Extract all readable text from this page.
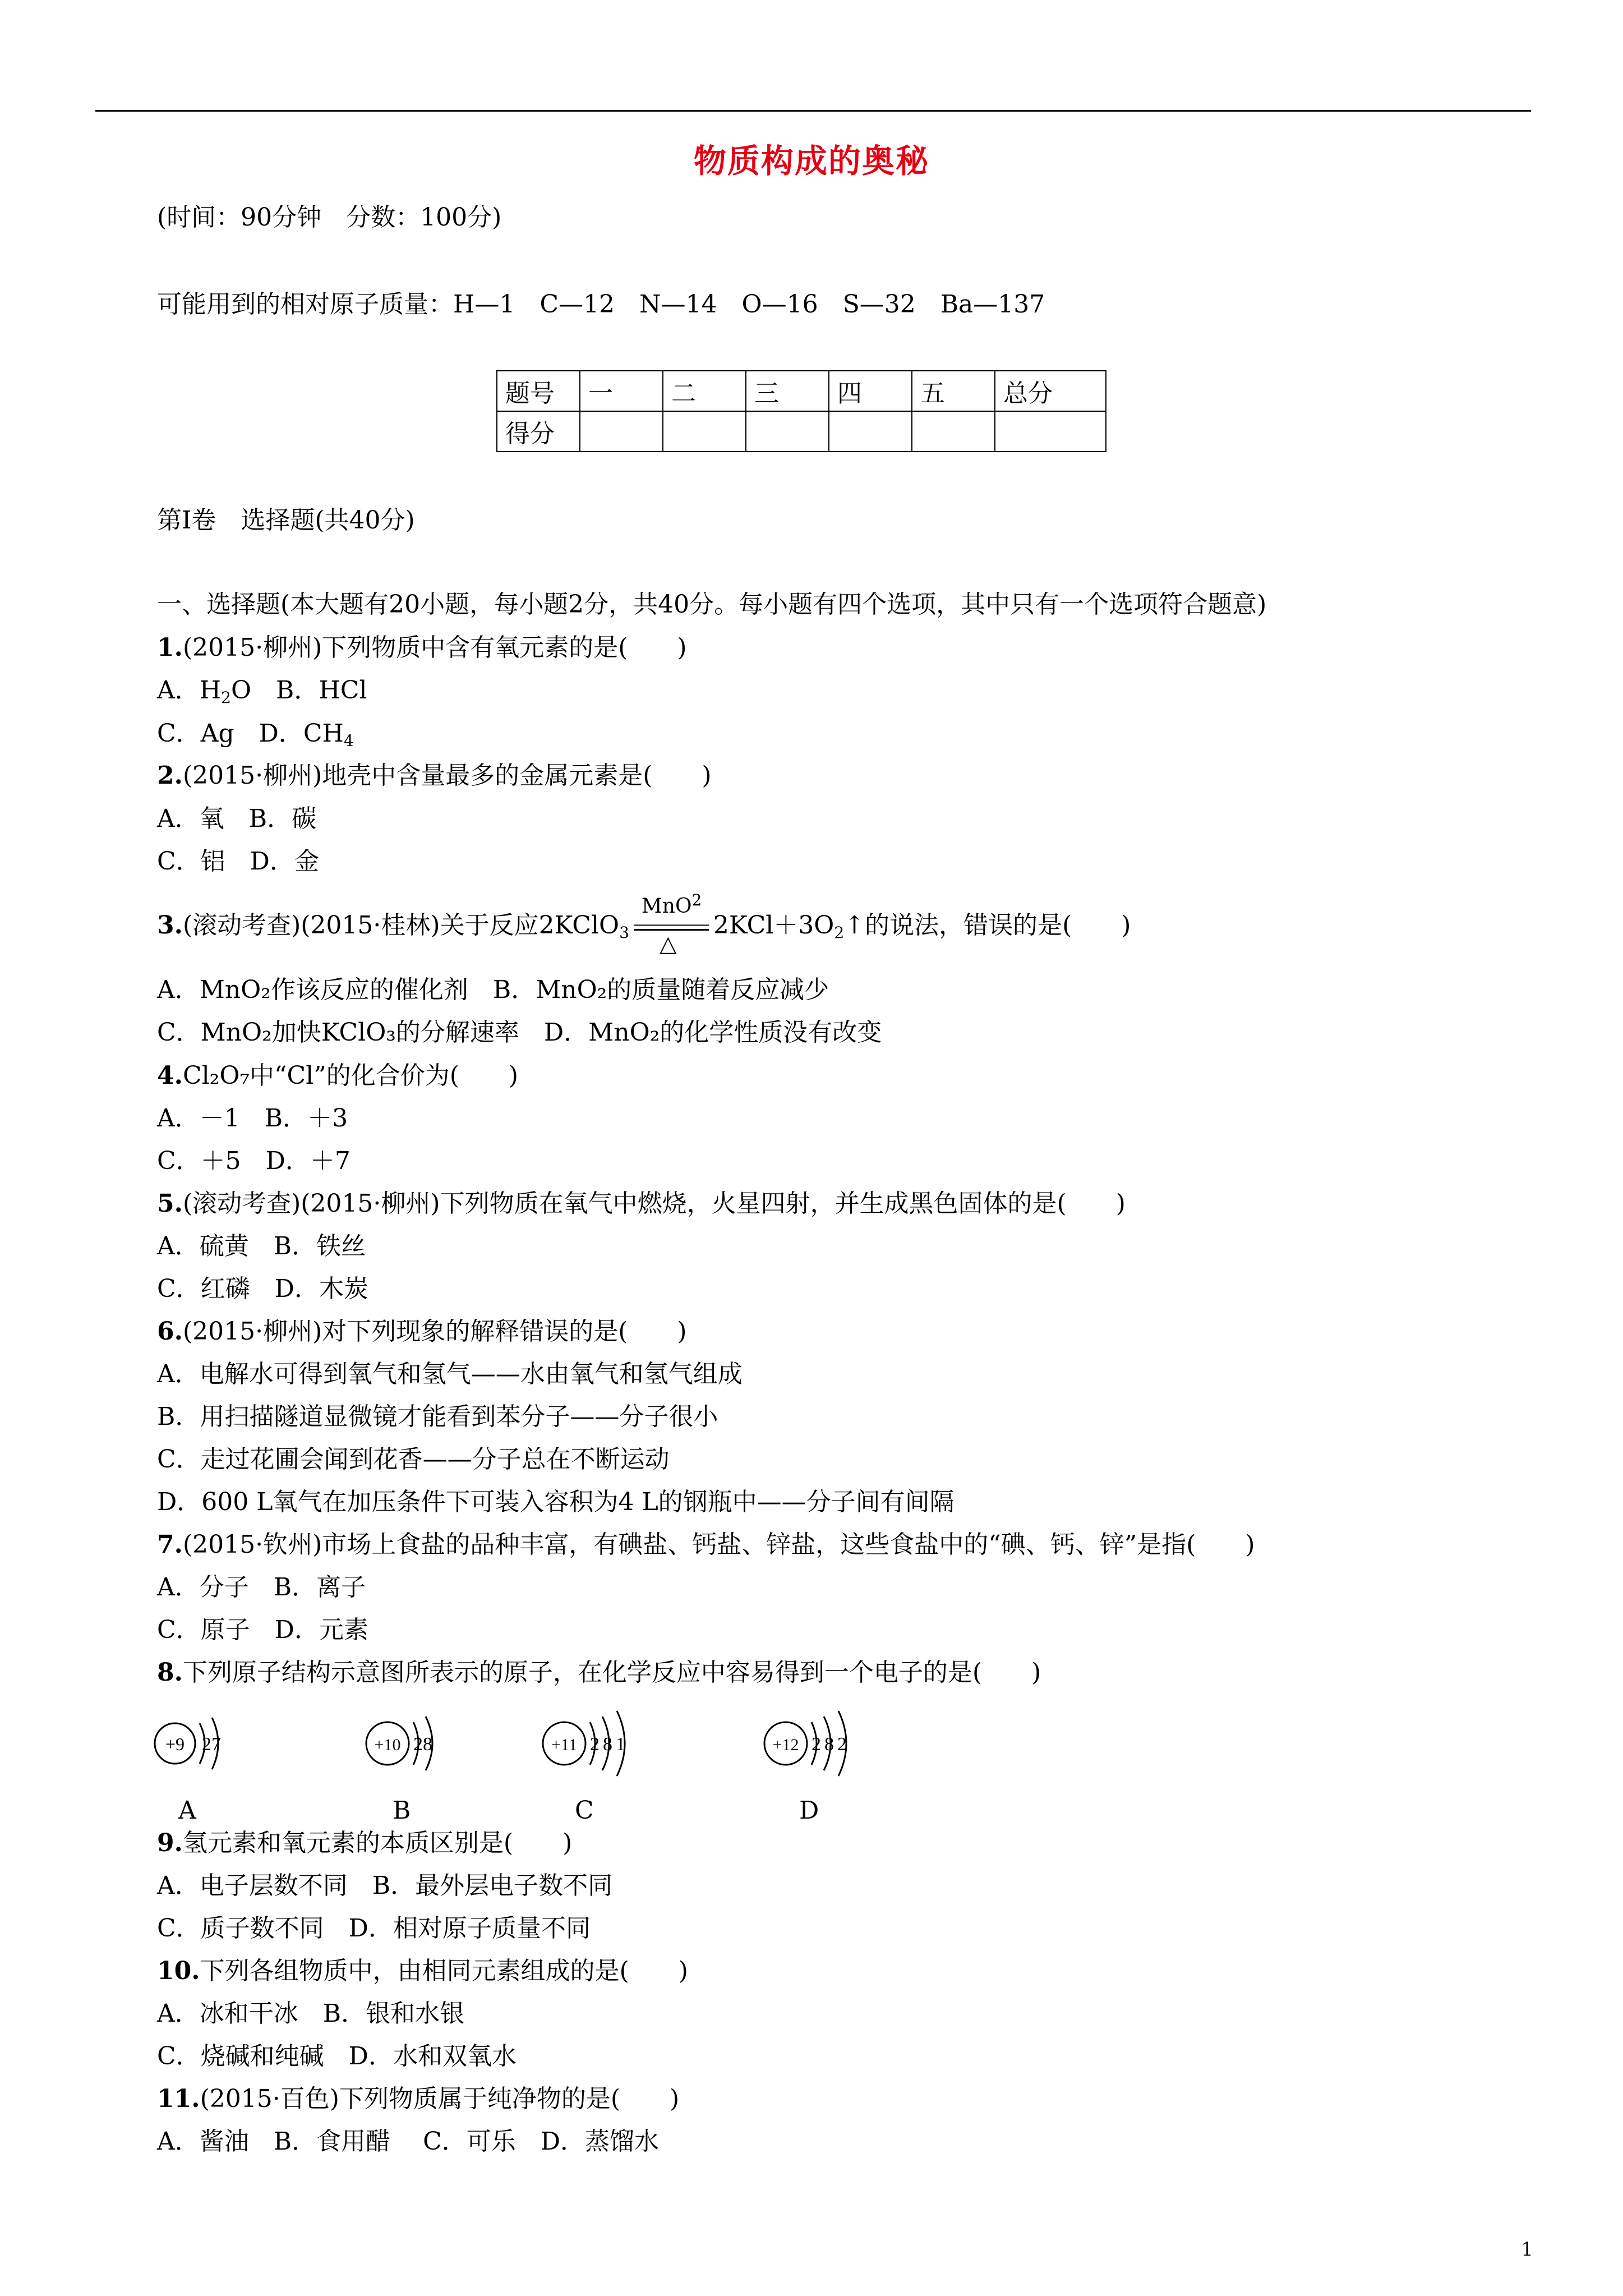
物质构成的奥秘
(时间：90分钟　分数：100分)
可能用到的相对原子质量：H—1　C—12　N—14　O—16　S—32　Ba—137
题号	一	二	三	四	五	总分
得分						
第Ⅰ卷　选择题(共40分)
一、选择题(本大题有20小题，每小题2分，共40分。每小题有四个选项，其中只有一个选项符合题意)
1.(2015·柳州)下列物质中含有氧元素的是(　　)
A．$H_2O$　B．HCl
C．Ag　D．$CH_4$
2.(2015·柳州)地壳中含量最多的金属元素是(　　)
A．氧　B．碳
C．铝　D．金
3.(滚动考查)(2015·桂林)关于反应2KClO$_3$
MnO$^2$
△
$2KCl+3O_2↑$的说法，错误的是(　　)
A．MnO₂作该反应的催化剂　B．MnO₂的质量随着反应减少
C．MnO₂加快KClO₃的分解速率　D．MnO₂的化学性质没有改变
4.Cl₂O₇中“Cl”的化合价为(　　)
A．－1　B．＋3
C．＋5　D．＋7
5.(滚动考查)(2015·柳州)下列物质在氧气中燃烧，火星四射，并生成黑色固体的是(　　)
A．硫黄　B．铁丝
C．红磷　D．木炭
6.(2015·柳州)对下列现象的解释错误的是(　　)
A．电解水可得到氧气和氢气——水由氧气和氢气组成
B．用扫描隧道显微镜才能看到苯分子——分子很小
C．走过花圃会闻到花香——分子总在不断运动
D．600 L氧气在加压条件下可装入容积为4 L的钢瓶中——分子间有间隔
7.(2015·钦州)市场上食盐的品种丰富，有碘盐、钙盐、锌盐，这些食盐中的“碘、钙、锌”是指(　　)
A．分子　B．离子
C．原子　D．元素
8.下列原子结构示意图所表示的原子，在化学反应中容易得到一个电子的是(　　)
+9 27	+10 28	+11 281	+12 282
A	B	C	D
9.氢元素和氧元素的本质区别是(　　)
A．电子层数不同　B．最外层电子数不同
C．质子数不同　D．相对原子质量不同
10.下列各组物质中，由相同元素组成的是(　　)
A．冰和干冰　B．银和水银
C．烧碱和纯碱　D．水和双氧水
11.(2015·百色)下列物质属于纯净物的是(　　)
A．酱油　B．食用醋　 C．可乐　D．蒸馏水
1
